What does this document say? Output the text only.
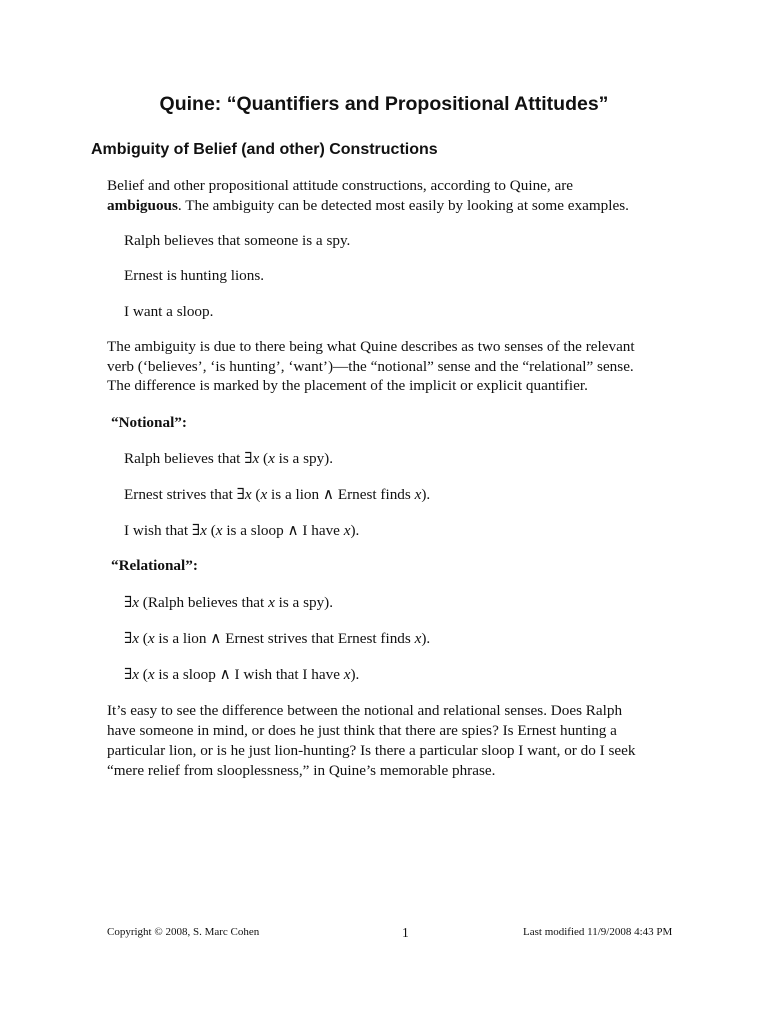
Quine: “Quantifiers and Propositional Attitudes”
Ambiguity of Belief (and other) Constructions
Belief and other propositional attitude constructions, according to Quine, are
ambiguous. The ambiguity can be detected most easily by looking at some examples.
Ralph believes that someone is a spy.
Ernest is hunting lions.
I want a sloop.
The ambiguity is due to there being what Quine describes as two senses of the relevant
verb (‘believes’, ‘is hunting’, ‘want’)—the “notional” sense and the “relational” sense.
The difference is marked by the placement of the implicit or explicit quantifier.
“Notional”:
Ralph believes that ∃x (x is a spy).
Ernest strives that ∃x (x is a lion ∧ Ernest finds x).
I wish that ∃x (x is a sloop ∧ I have x).
“Relational”:
∃x (Ralph believes that x is a spy).
∃x (x is a lion ∧ Ernest strives that Ernest finds x).
∃x (x is a sloop ∧ I wish that I have x).
It’s easy to see the difference between the notional and relational senses. Does Ralph
have someone in mind, or does he just think that there are spies? Is Ernest hunting a
particular lion, or is he just lion-hunting? Is there a particular sloop I want, or do I seek
“mere relief from slooplessness,” in Quine’s memorable phrase.
Copyright © 2008, S. Marc Cohen	1	Last modified 11/9/2008 4:43 PM
